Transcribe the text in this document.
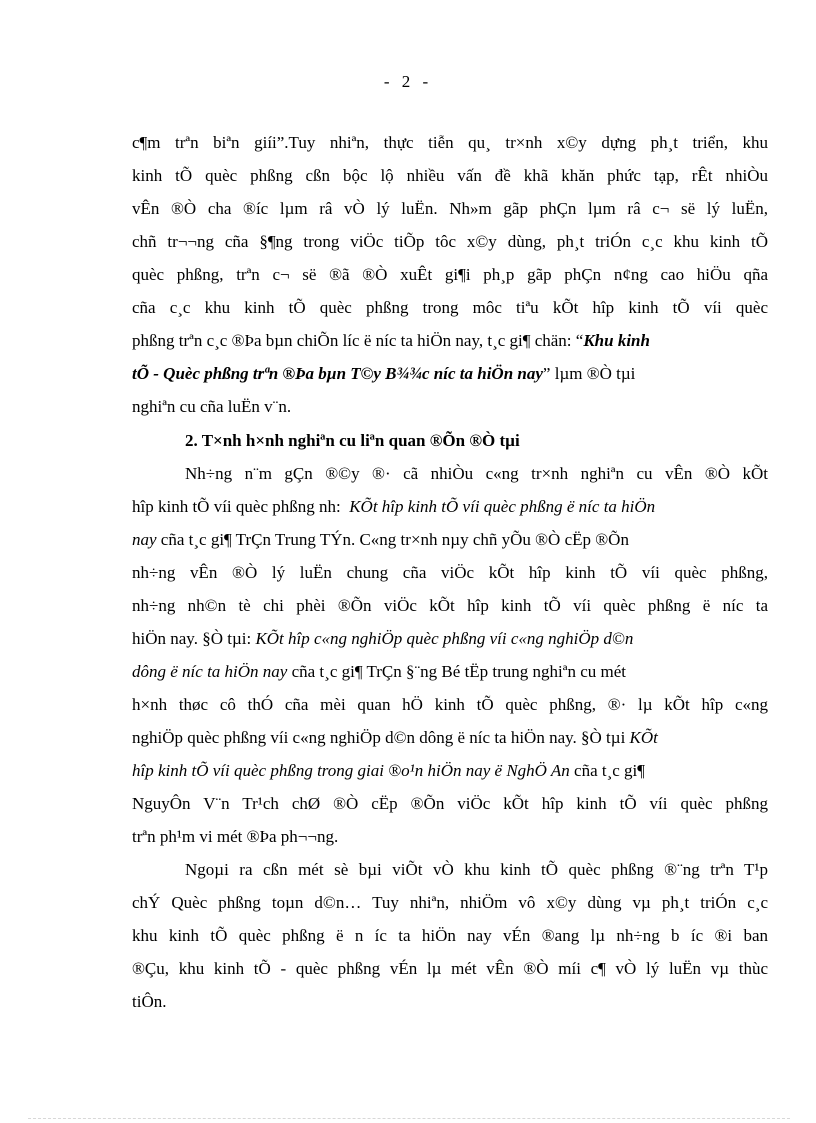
- 2 -
c¶m trªn biªn giíi”.Tuy nhiªn, thực tiễn qu¸ tr×nh x©y dựng ph¸t triển, khu
kinh tÕ quèc phßng cßn bộc lộ nhiều vấn đề khã khăn phức tạp, rÊt nhiÒu
vÊn ®Ò cha ®íc lµm râ vÒ lý luËn. Nh»m gãp phÇn lµm râ c¬ së lý luËn,
chñ tr¬¬ng cña §¶ng trong viÖc tiÕp tôc x©y dùng, ph¸t triÓn c¸c khu kinh tÕ
quèc phßng, trªn c¬ së ®ã ®Ò xuÊt gi¶i ph¸p gãp phÇn n¢ng cao hiÖu qña
cña c¸c khu kinh tÕ quèc phßng trong môc tiªu kÕt hîp kinh tÕ víi quèc
phßng trªn c¸c ®Þa bµn chiÕn líc ë níc ta hiÖn nay, t¸c gi¶ chän: “Khu kinh
tÕ - Quèc phßng trªn ®Þa bµn T©y B¾¾c níc ta hiÖn nay” lµm ®Ò tµi
nghiªn cu cña luËn v¨n.
2. T×nh h×nh nghiªn cu liªn quan ®Õn ®Ò tµi
Nh÷ng n¨m gÇn ®©y ®· cã nhiÒu c«ng tr×nh nghiªn cu vÊn ®Ò kÕt
hîp kinh tÕ víi quèc phßng nh: KÕt hîp kinh tÕ víi quèc phßng ë níc ta hiÖn
nay cña t¸c gi¶ TrÇn Trung TÝn. C«ng tr×nh nµy chñ yÕu ®Ò cËp ®Õn
nh÷ng vÊn ®Ò lý luËn chung cña viÖc kÕt hîp kinh tÕ víi quèc phßng,
nh÷ng nh©n tè chi phèi ®Õn viÖc kÕt hîp kinh tÕ víi quèc phßng ë níc ta
hiÖn nay. §Ò tµi: KÕt hîp c«ng nghiÖp quèc phßng víi c«ng nghiÖp d©n
dông ë níc ta hiÖn nay cña t¸c gi¶ TrÇn §¨ng Bé tËp trung nghiªn cu mét
h×nh thøc cô thÓ cña mèi quan hÖ kinh tÕ quèc phßng, ®· lµ kÕt hîp c«ng
nghiÖp quèc phßng víi c«ng nghiÖp d©n dông ë níc ta hiÖn nay. §Ò tµi KÕt
hîp kinh tÕ víi quèc phßng trong giai ®o¹n hiÖn nay ë NghÖ An cña t¸c gi¶
NguyÔn V¨n Tr¹ch chØ ®Ò cËp ®Õn viÖc kÕt hîp kinh tÕ víi quèc phßng
trªn ph¹m vi mét ®Þa ph¬¬ng.
Ngoµi ra cßn mét sè bµi viÕt vÒ khu kinh tÕ quèc phßng ®¨ng trªn T¹p
chÝ Quèc phßng toµn d©n… Tuy nhiªn, nhiÖm vô x©y dùng vµ ph¸t triÓn c¸c
khu kinh tÕ quèc phßng ë n íc ta hiÖn nay vÉn ®ang lµ nh÷ng b íc ®i ban
®Çu, khu kinh tÕ - quèc phßng vÉn lµ mét vÊn ®Ò míi c¶ vÒ lý luËn vµ thùc
tiÔn.
